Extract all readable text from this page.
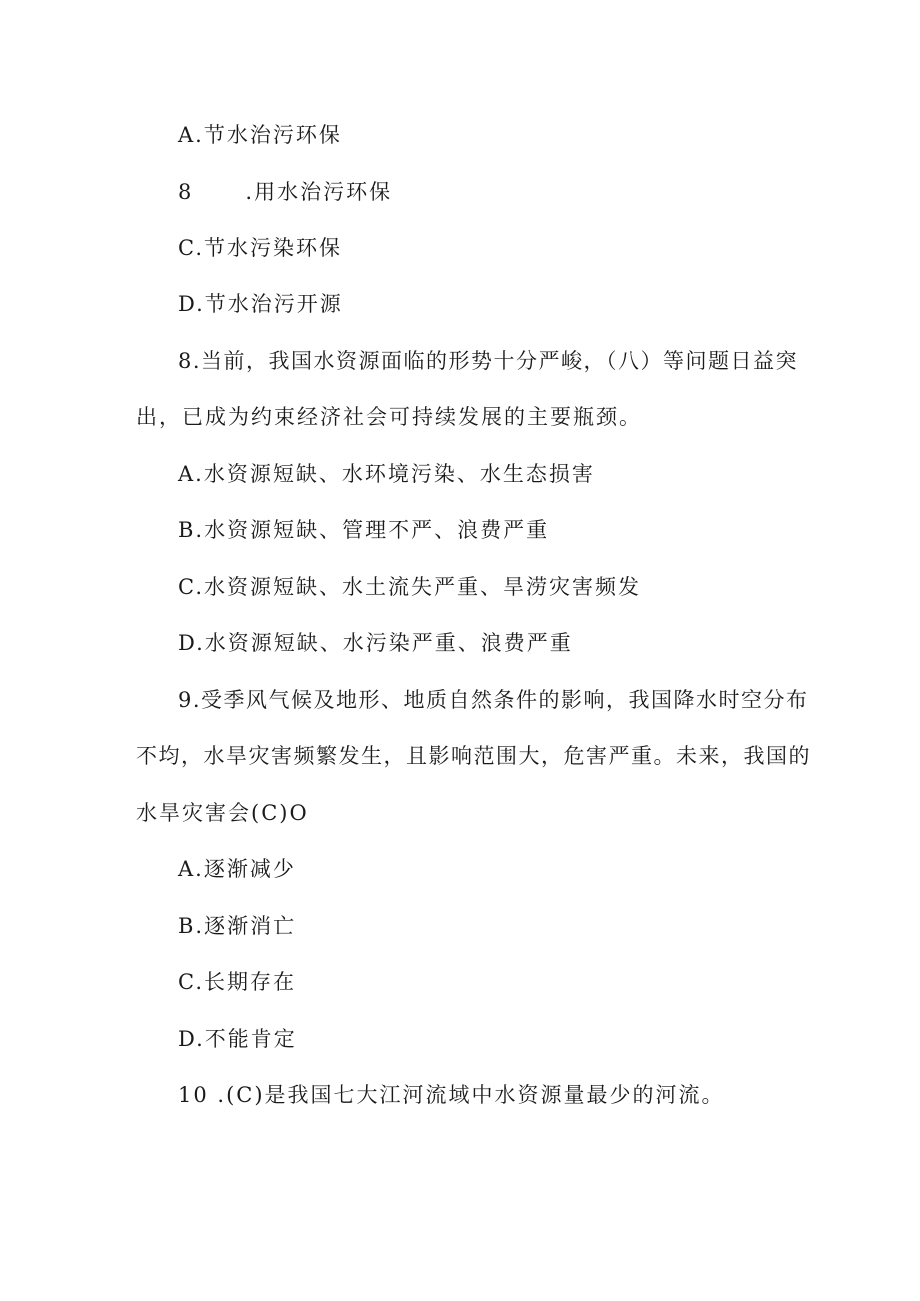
A.节水治污环保
8      .用水治污环保
C.节水污染环保
D.节水治污开源
8.当前，我国水资源面临的形势十分严峻，（八）等问题日益突
出，已成为约束经济社会可持续发展的主要瓶颈。
A.水资源短缺、水环境污染、水生态损害
B.水资源短缺、管理不严、浪费严重
C.水资源短缺、水土流失严重、旱涝灾害频发
D.水资源短缺、水污染严重、浪费严重
9.受季风气候及地形、地质自然条件的影响，我国降水时空分布
不均，水旱灾害频繁发生，且影响范围大，危害严重。未来，我国的
水旱灾害会(C)O
A.逐渐减少
B.逐渐消亡
C.长期存在
D.不能肯定
10 .(C)是我国七大江河流域中水资源量最少的河流。
